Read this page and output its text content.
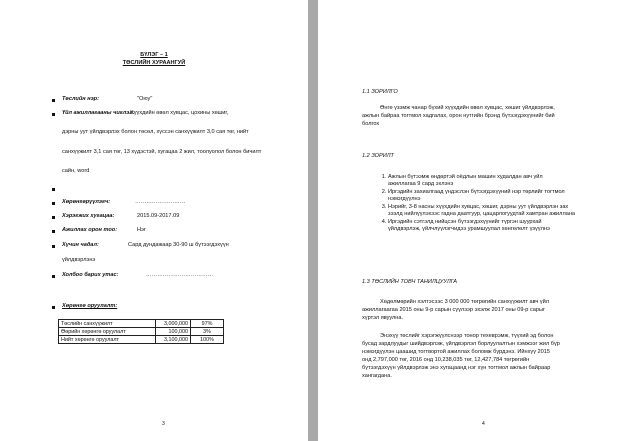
БҮЛЭГ – 1
ТӨСЛИЙН ХУРААНГУЙ
Төслийн нэр:	"Оюу"
Үйл ажиллагааны чиглэл:
Хүүхдийн өвөл хувцас, цохины хөшиг,
дэрны уут үйлдвэрлэх болон төсөл, хүссэн санхүүжилт 3,0 сая төг, нийт
санхүүжилт 3,1 сая төг, 13 хүдэстэй, хугацаа 2 жил, тоолуолол болон бичилт
сайн, word
Хөрөнгөрүүлэгч:	………………………
Хэрэгжих хугацаа:	2015.09-2017.09
Ажиллах орон тоо:	Нэг
Хүчин чадал:	Сард дундажаар 30-90 ш бүтээгдэхүүн
үйлдвэрлэнэ
Холбоо барих утас:	………………………………
Хөрөнгө оруулалт:
Төслийн санхүүжилт	3,000,000	97%
Өөрийн хөрөнгө оруулалт	100,000	3%
Нийт хөрөнгө оруулалт	3,100,000	100%
3
1.1 ЗОРИЛГО
Өнгө үзэмж чанар бүхий хүүхдийн өвөл хувцас, хөшиг үйлдвэрлэж,
ажлын байраа тогтмол хадгалах, орон нутгийн брэнд бүтээгдэхүүнийг бий
болгох
1.2 ЗОРИЛТ
1. Ажлын бүтээмж өндөртэй оёдлын машин худалдан авч үйл
ажиллагаа 9 сард эхлэнэ
2. Иргэдийн захиалгаад үндэслэн бүтээгдэхүүний нэр төрлийг тогтмол
нэмэгдүүлнэ
3. Нэрийг, 3-8 насны хүүхдийн хувцас, хөшиг, дэрны уут үйлдвэрлэн зах
зээлд нийлүүлэхээс гадна даатгуур, цацарлогуудтай хамтран ажиллана
4. Иргэдийн сэтгэлд нийцсэн бүтээгдэхүүнийг түргэн шуурхай
үйлдвэрлэж, үйлчлүүлэгчидээ урамшуулал хөнгөлөлт үзүүлнэ
1.3 ТӨСЛИЙН ТОВЧ ТАНИЛЦУУЛГА
Хөдөлмөрийн хэлтэсээс 3 000 000 төгрөгийн санхүүжилт авч үйл
ажиллагаагаа 2015 оны 9-р сарын сүүлээр эхэлж 2017 оны 09-р сарыг
хүртэл явуулна.
Энэхүү төслийг хэрэгжүүлснээр тонор техеврэмж, түүхий эд болон
бусад зардлуудыг шийдвэрлэж, үйлдвэрлэл борлуулалтын хэмжээг жил бүр
нэмэгдүүлэн цаашид тогтвортой ажиллах боломж бүрдэнэ. Ийнхүү 2015
онд 2,797,000 төг, 2016 онд 10,238,035 төг, 12,427,784 төгрөгийн
бүтээгдэхүүн үйлдвэрлэж энэ хугацаанд нэг хүн тогтмол ажлын байраар
хангагдана.
4
